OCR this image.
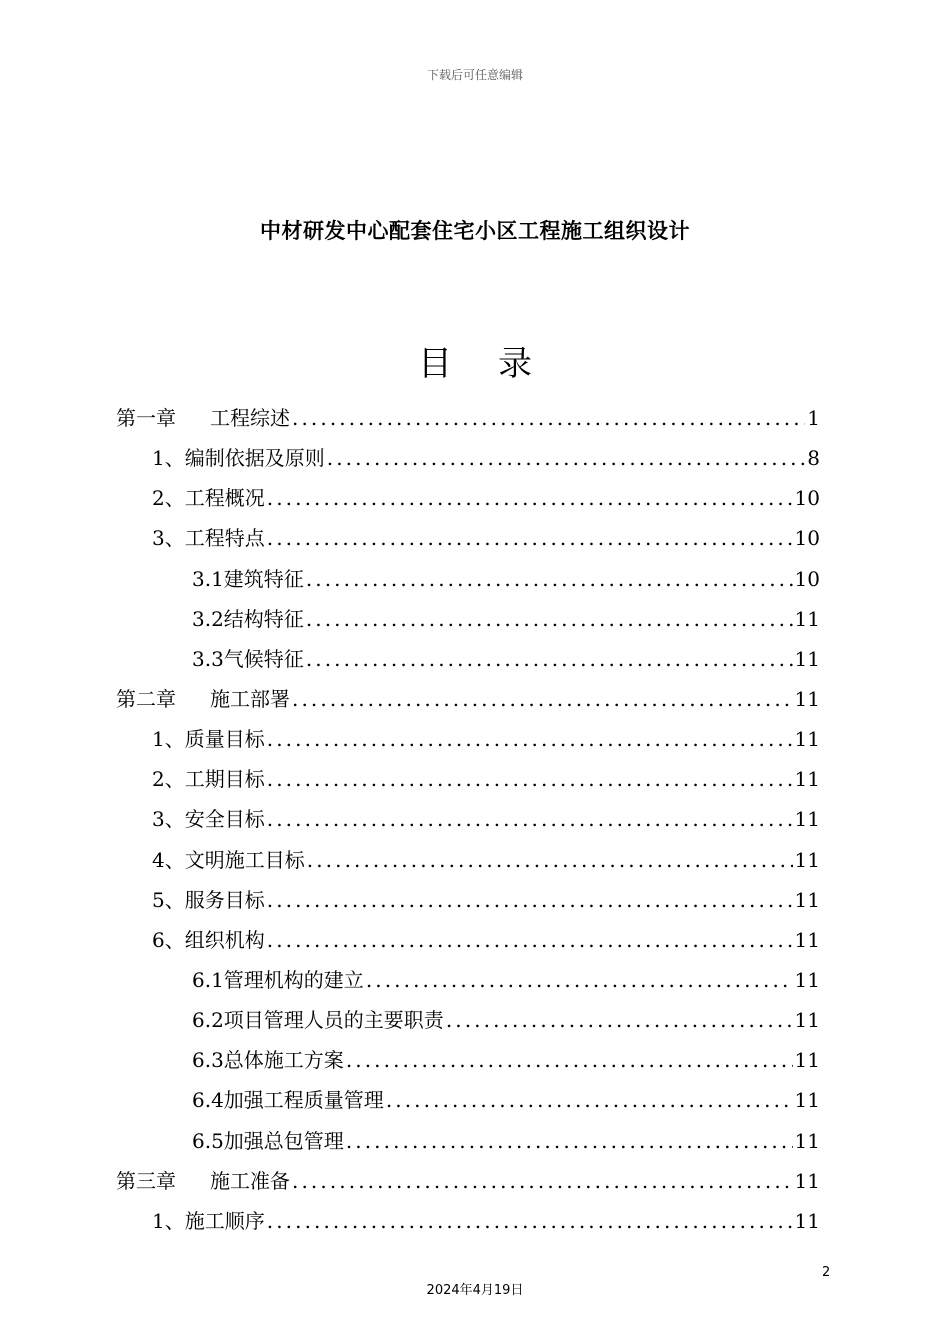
下载后可任意编辑
中材研发中心配套住宅小区工程施工组织设计
目录
第一章 工程综述 .....	1
1、编制依据及原则 .....	8
2、工程概况 .....	10
3、工程特点 .....	10
3.1建筑特征 .....	10
3.2结构特征 .....	11
3.3气候特征 .....	11
第二章 施工部署 .....	11
1、质量目标 .....	11
2、工期目标 .....	11
3、安全目标 .....	11
4、文明施工目标 .....	11
5、服务目标 .....	11
6、组织机构 .....	11
6.1管理机构的建立 .....	11
6.2项目管理人员的主要职责 .....	11
6.3总体施工方案 .....	11
6.4加强工程质量管理 .....	11
6.5加强总包管理 .....	11
第三章 施工准备 .....	11
1、施工顺序 .....	11
2
2024年4月19日
